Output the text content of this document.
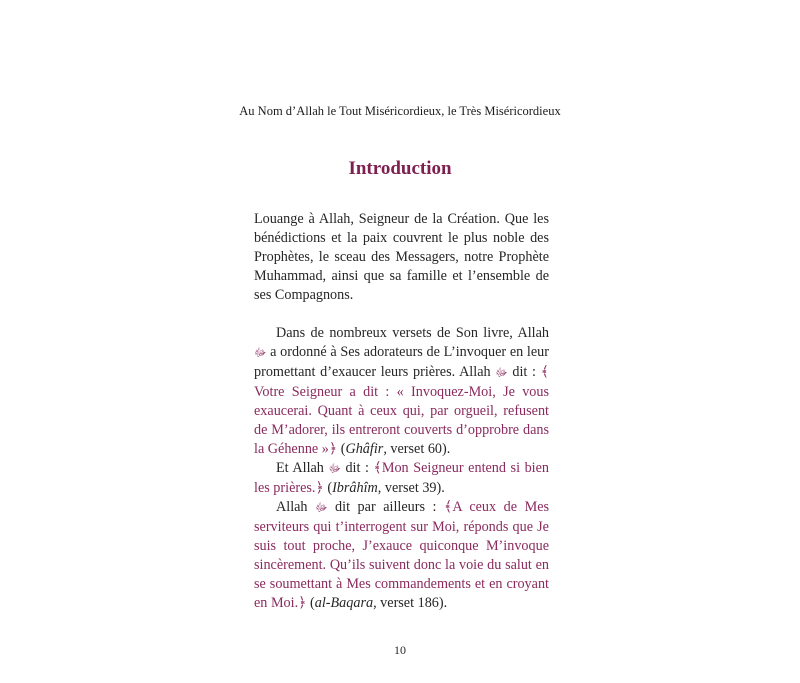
Au Nom d’Allah le Tout Miséricordieux, le Très Miséricordieux
Introduction

Louange à Allah, Seigneur de la Création. Que les bénédictions et la paix couvrent le plus noble des Prophètes, le sceau des Messagers, notre Prophète Muhammad, ainsi que sa famille et l’ensemble de ses Compagnons.

Dans de nombreux versets de Son livre, Allah ﷻ a ordonné à Ses adorateurs de L’invoquer en leur promettant d’exaucer leurs prières. Allah ﷻ dit : ﴾Votre Seigneur a dit : « Invoquez-Moi, Je vous exaucerai. Quant à ceux qui, par orgueil, refusent de M’adorer, ils entreront couverts d’opprobre dans la Géhenne »﴿ (Ghâfir, verset 60).

Et Allah ﷻ dit : ﴾Mon Seigneur entend si bien les prières.﴿ (Ibrâhîm, verset 39).

Allah ﷻ dit par ailleurs : ﴾A ceux de Mes serviteurs qui t’interrogent sur Moi, réponds que Je suis tout proche, J’exauce quiconque M’invoque sincèrement. Qu’ils suivent donc la voie du salut en se soumettant à Mes commandements et en croyant en Moi.﴿ (al-Baqara, verset 186).

10
